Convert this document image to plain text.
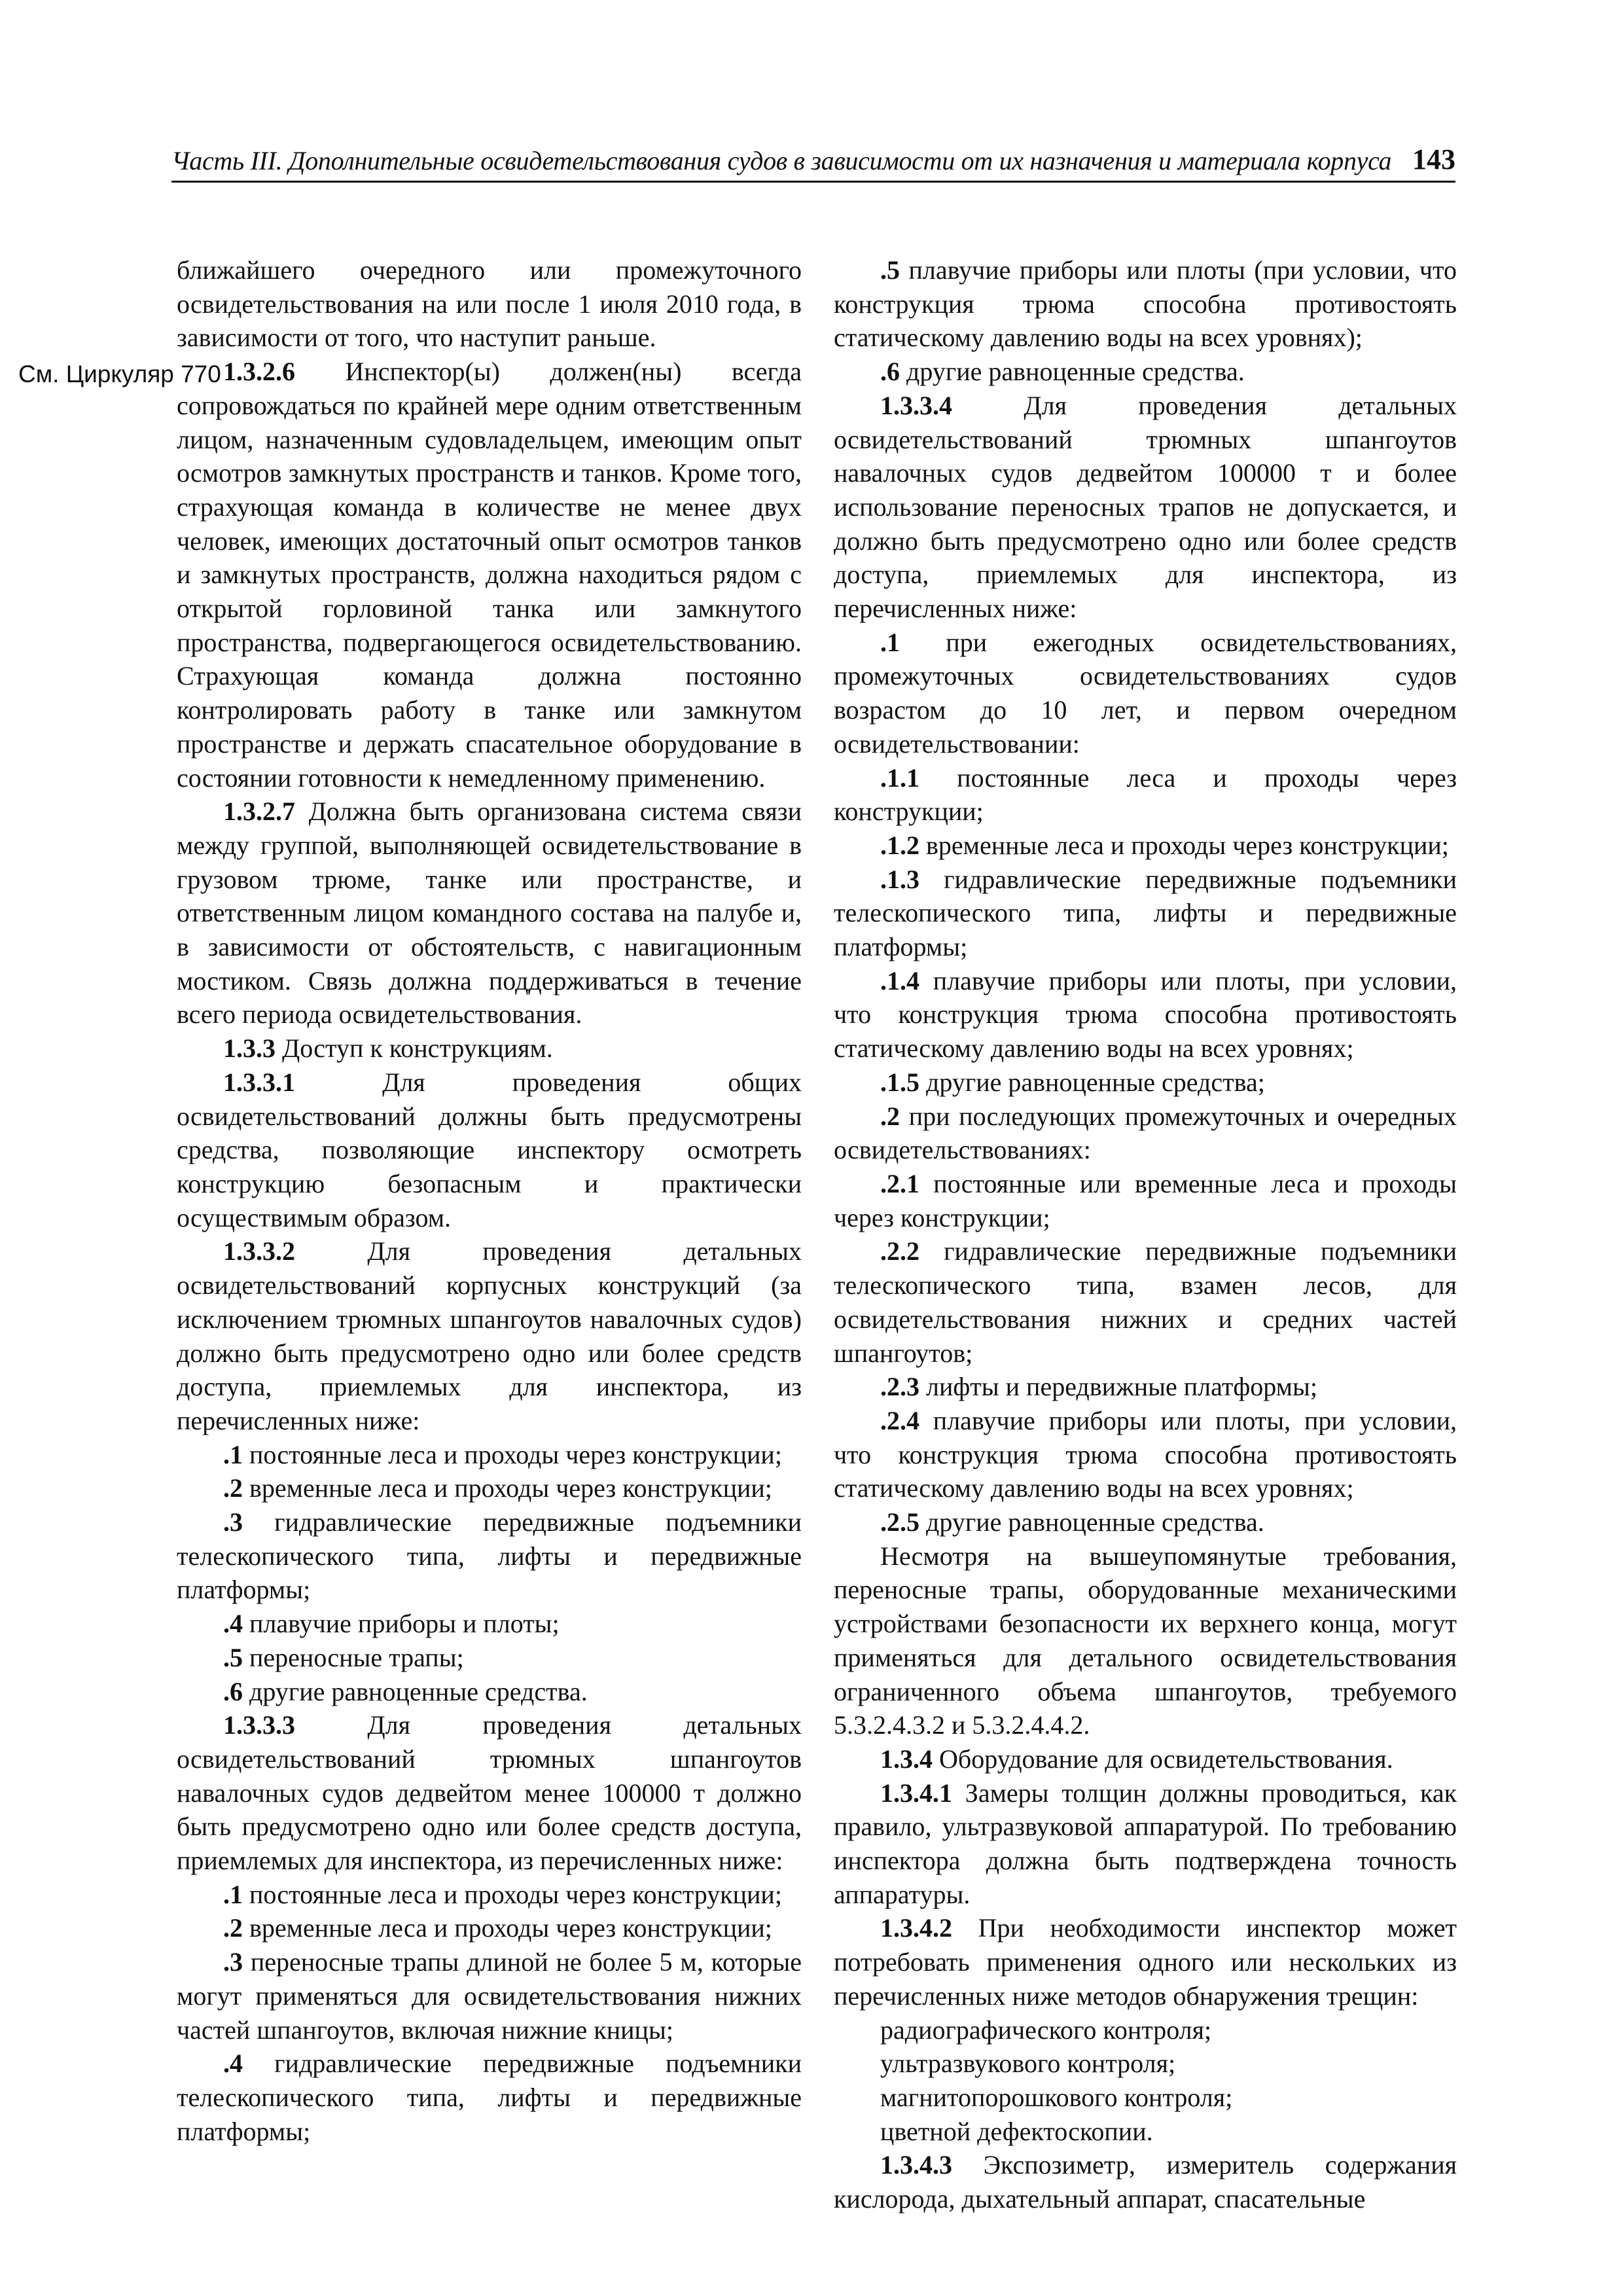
Часть III. Дополнительные освидетельствования судов в зависимости от их назначения и материала корпуса 143
См. Циркуляр 770

ближайшего очередного или промежуточного освидетельствования на или после 1 июля 2010 года, в зависимости от того, что наступит раньше.

1.3.2.6 Инспектор(ы) должен(ны) всегда сопровождаться по крайней мере одним ответственным лицом, назначенным судовладельцем, имеющим опыт осмотров замкнутых пространств и танков. Кроме того, страхующая команда в количестве не менее двух человек, имеющих достаточный опыт осмотров танков и замкнутых пространств, должна находиться рядом с открытой горловиной танка или замкнутого пространства, подвергающегося освидетельствованию. Страхующая команда должна постоянно контролировать работу в танке или замкнутом пространстве и держать спасательное оборудование в состоянии готовности к немедленному применению.

1.3.2.7 Должна быть организована система связи между группой, выполняющей освидетельствование в грузовом трюме, танке или пространстве, и ответственным лицом командного состава на палубе и, в зависимости от обстоятельств, с навигационным мостиком. Связь должна поддерживаться в течение всего периода освидетельствования.

1.3.3 Доступ к конструкциям.

1.3.3.1 Для проведения общих освидетельствований должны быть предусмотрены средства, позволяющие инспектору осмотреть конструкцию безопасным и практически осуществимым образом.

1.3.3.2 Для проведения детальных освидетельствований корпусных конструкций (за исключением трюмных шпангоутов навалочных судов) должно быть предусмотрено одно или более средств доступа, приемлемых для инспектора, из перечисленных ниже:

.1 постоянные леса и проходы через конструкции;

.2 временные леса и проходы через конструкции;

.3 гидравлические передвижные подъемники телескопического типа, лифты и передвижные платформы;

.4 плавучие приборы и плоты;

.5 переносные трапы;

.6 другие равноценные средства.

1.3.3.3 Для проведения детальных освидетельствований трюмных шпангоутов навалочных судов дедвейтом менее 100000 т должно быть предусмотрено одно или более средств доступа, приемлемых для инспектора, из перечисленных ниже:

.1 постоянные леса и проходы через конструкции;

.2 временные леса и проходы через конструкции;

.3 переносные трапы длиной не более 5 м, которые могут применяться для освидетельствования нижних частей шпангоутов, включая нижние кницы;

.4 гидравлические передвижные подъемники телескопического типа, лифты и передвижные платформы;

.5 плавучие приборы или плоты (при условии, что конструкция трюма способна противостоять статическому давлению воды на всех уровнях);

.6 другие равноценные средства.

1.3.3.4 Для проведения детальных освидетельствований трюмных шпангоутов навалочных судов дедвейтом 100000 т и более использование переносных трапов не допускается, и должно быть предусмотрено одно или более средств доступа, приемлемых для инспектора, из перечисленных ниже:

.1 при ежегодных освидетельствованиях, промежуточных освидетельствованиях судов возрастом до 10 лет, и первом очередном освидетельствовании:

.1.1 постоянные леса и проходы через конструкции;

.1.2 временные леса и проходы через конструкции;

.1.3 гидравлические передвижные подъемники телескопического типа, лифты и передвижные платформы;

.1.4 плавучие приборы или плоты, при условии, что конструкция трюма способна противостоять статическому давлению воды на всех уровнях;

.1.5 другие равноценные средства;

.2 при последующих промежуточных и очередных освидетельствованиях:

.2.1 постоянные или временные леса и проходы через конструкции;

.2.2 гидравлические передвижные подъемники телескопического типа, взамен лесов, для освидетельствования нижних и средних частей шпангоутов;

.2.3 лифты и передвижные платформы;

.2.4 плавучие приборы или плоты, при условии, что конструкция трюма способна противостоять статическому давлению воды на всех уровнях;

.2.5 другие равноценные средства.

Несмотря на вышеупомянутые требования, переносные трапы, оборудованные механическими устройствами безопасности их верхнего конца, могут применяться для детального освидетельствования ограниченного объема шпангоутов, требуемого 5.3.2.4.3.2 и 5.3.2.4.4.2.

1.3.4 Оборудование для освидетельствования.

1.3.4.1 Замеры толщин должны проводиться, как правило, ультразвуковой аппаратурой. По требованию инспектора должна быть подтверждена точность аппаратуры.

1.3.4.2 При необходимости инспектор может потребовать применения одного или нескольких из перечисленных ниже методов обнаружения трещин:

радиографического контроля;

ультразвукового контроля;

магнитопорошкового контроля;

цветной дефектоскопии.

1.3.4.3 Экспозиметр, измеритель содержания кислорода, дыхательный аппарат, спасательные
